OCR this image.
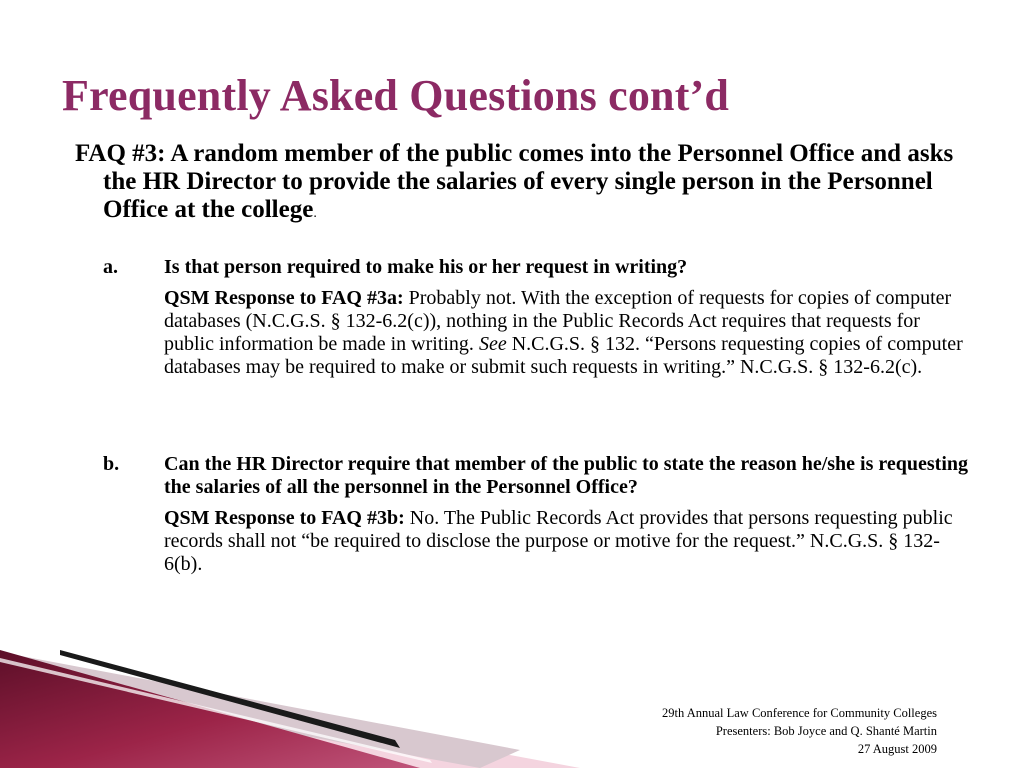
Frequently Asked Questions cont’d
FAQ #3: A random member of the public comes into the Personnel Office and asks the HR Director to provide the salaries of every single person in the Personnel Office at the college.
a. Is that person required to make his or her request in writing?
QSM Response to FAQ #3a: Probably not. With the exception of requests for copies of computer databases (N.C.G.S. § 132-6.2(c)), nothing in the Public Records Act requires that requests for public information be made in writing. See N.C.G.S. § 132. “Persons requesting copies of computer databases may be required to make or submit such requests in writing.” N.C.G.S. § 132-6.2(c).
b. Can the HR Director require that member of the public to state the reason he/she is requesting the salaries of all the personnel in the Personnel Office?
QSM Response to FAQ #3b: No. The Public Records Act provides that persons requesting public records shall not “be required to disclose the purpose or motive for the request.” N.C.G.S. § 132-6(b).
29th Annual Law Conference for Community Colleges
Presenters: Bob Joyce and Q. Shanté Martin
27 August 2009
